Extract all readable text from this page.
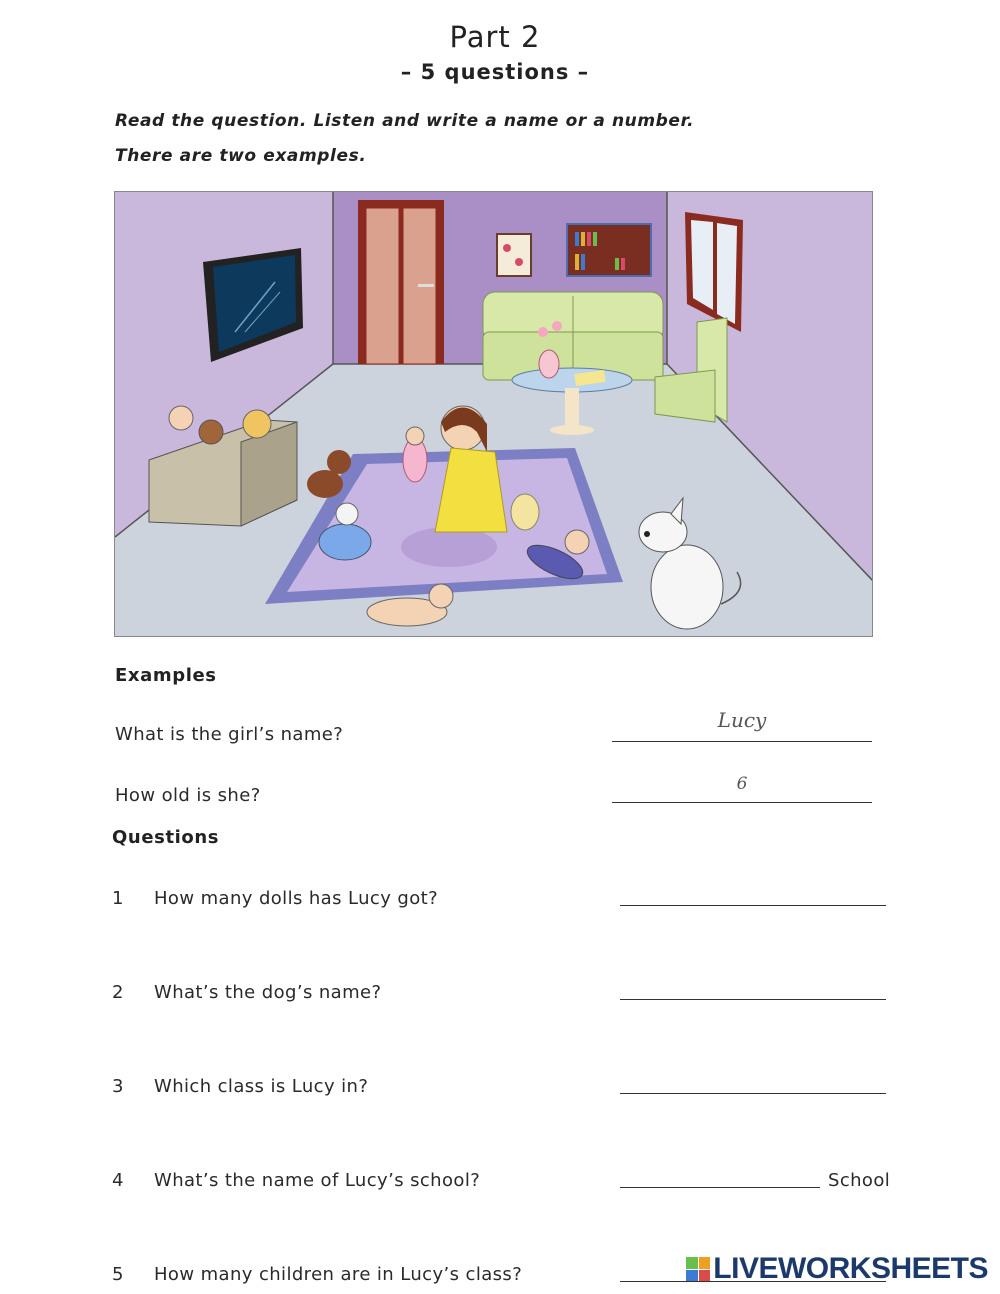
Part 2
– 5 questions –
Read the question. Listen and write a name or a number.
There are two examples.
Examples
What is the girl’s name?
Lucy
How old is she?
6
Questions
1 How many dolls has Lucy got?
2 What’s the dog’s name?
3 Which class is Lucy in?
4 What’s the name of Lucy’s school?	School
5 How many children are in Lucy’s class?	LIVEWORKSHEETS
